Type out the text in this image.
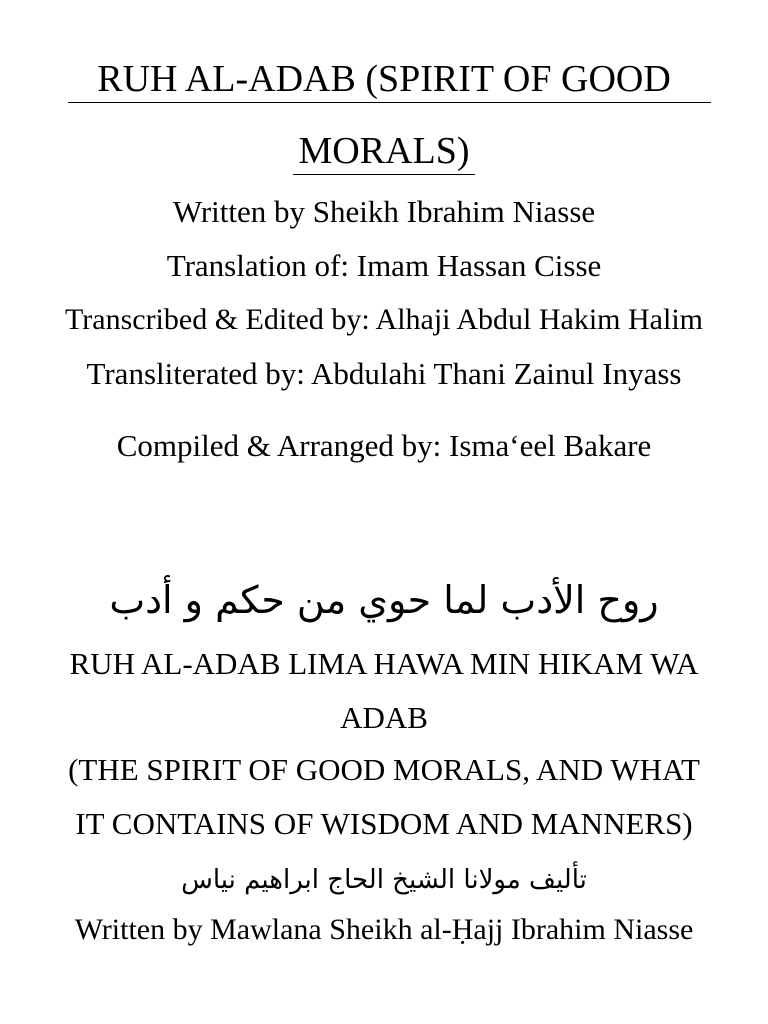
RUH AL-ADAB (SPIRIT OF GOOD
MORALS)
Written by Sheikh Ibrahim Niasse
Translation of: Imam Hassan Cisse
Transcribed & Edited by: Alhaji Abdul Hakim Halim
Transliterated by: Abdulahi Thani Zainul Inyass
Compiled & Arranged by: Isma‘eel Bakare
روح الأدب لما حوي من حكم و أدب
RUH AL-ADAB LIMA HAWA MIN HIKAM WA
ADAB
(THE SPIRIT OF GOOD MORALS, AND WHAT
IT CONTAINS OF WISDOM AND MANNERS)
تأليف مولانا الشيخ الحاج ابراهيم نياس
Written by Mawlana Sheikh al-Ḥajj Ibrahim Niasse
